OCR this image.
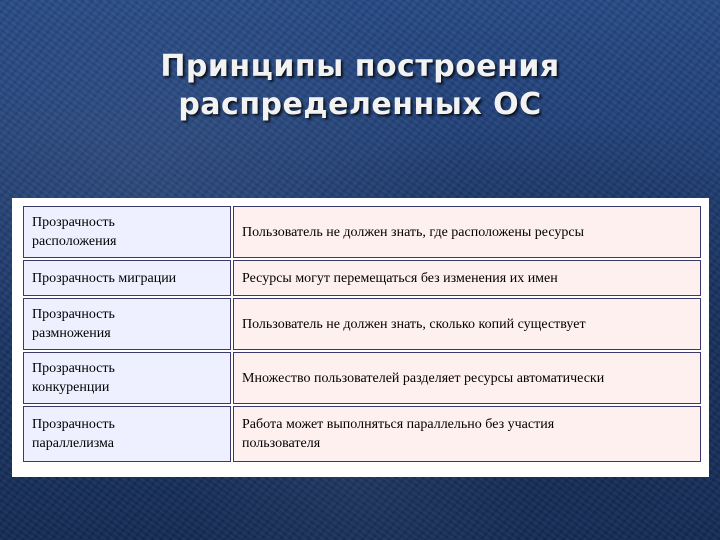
Принципы построения
распределенных ОС
Прозрачность
расположения	Пользователь не должен знать, где расположены ресурсы
Прозрачность миграции	Ресурсы могут перемещаться без изменения их имен
Прозрачность
размножения	Пользователь не должен знать, сколько копий существует
Прозрачность
конкуренции	Множество пользователей разделяет ресурсы автоматически
Прозрачность
параллелизма	Работа может выполняться параллельно без участия
пользователя
